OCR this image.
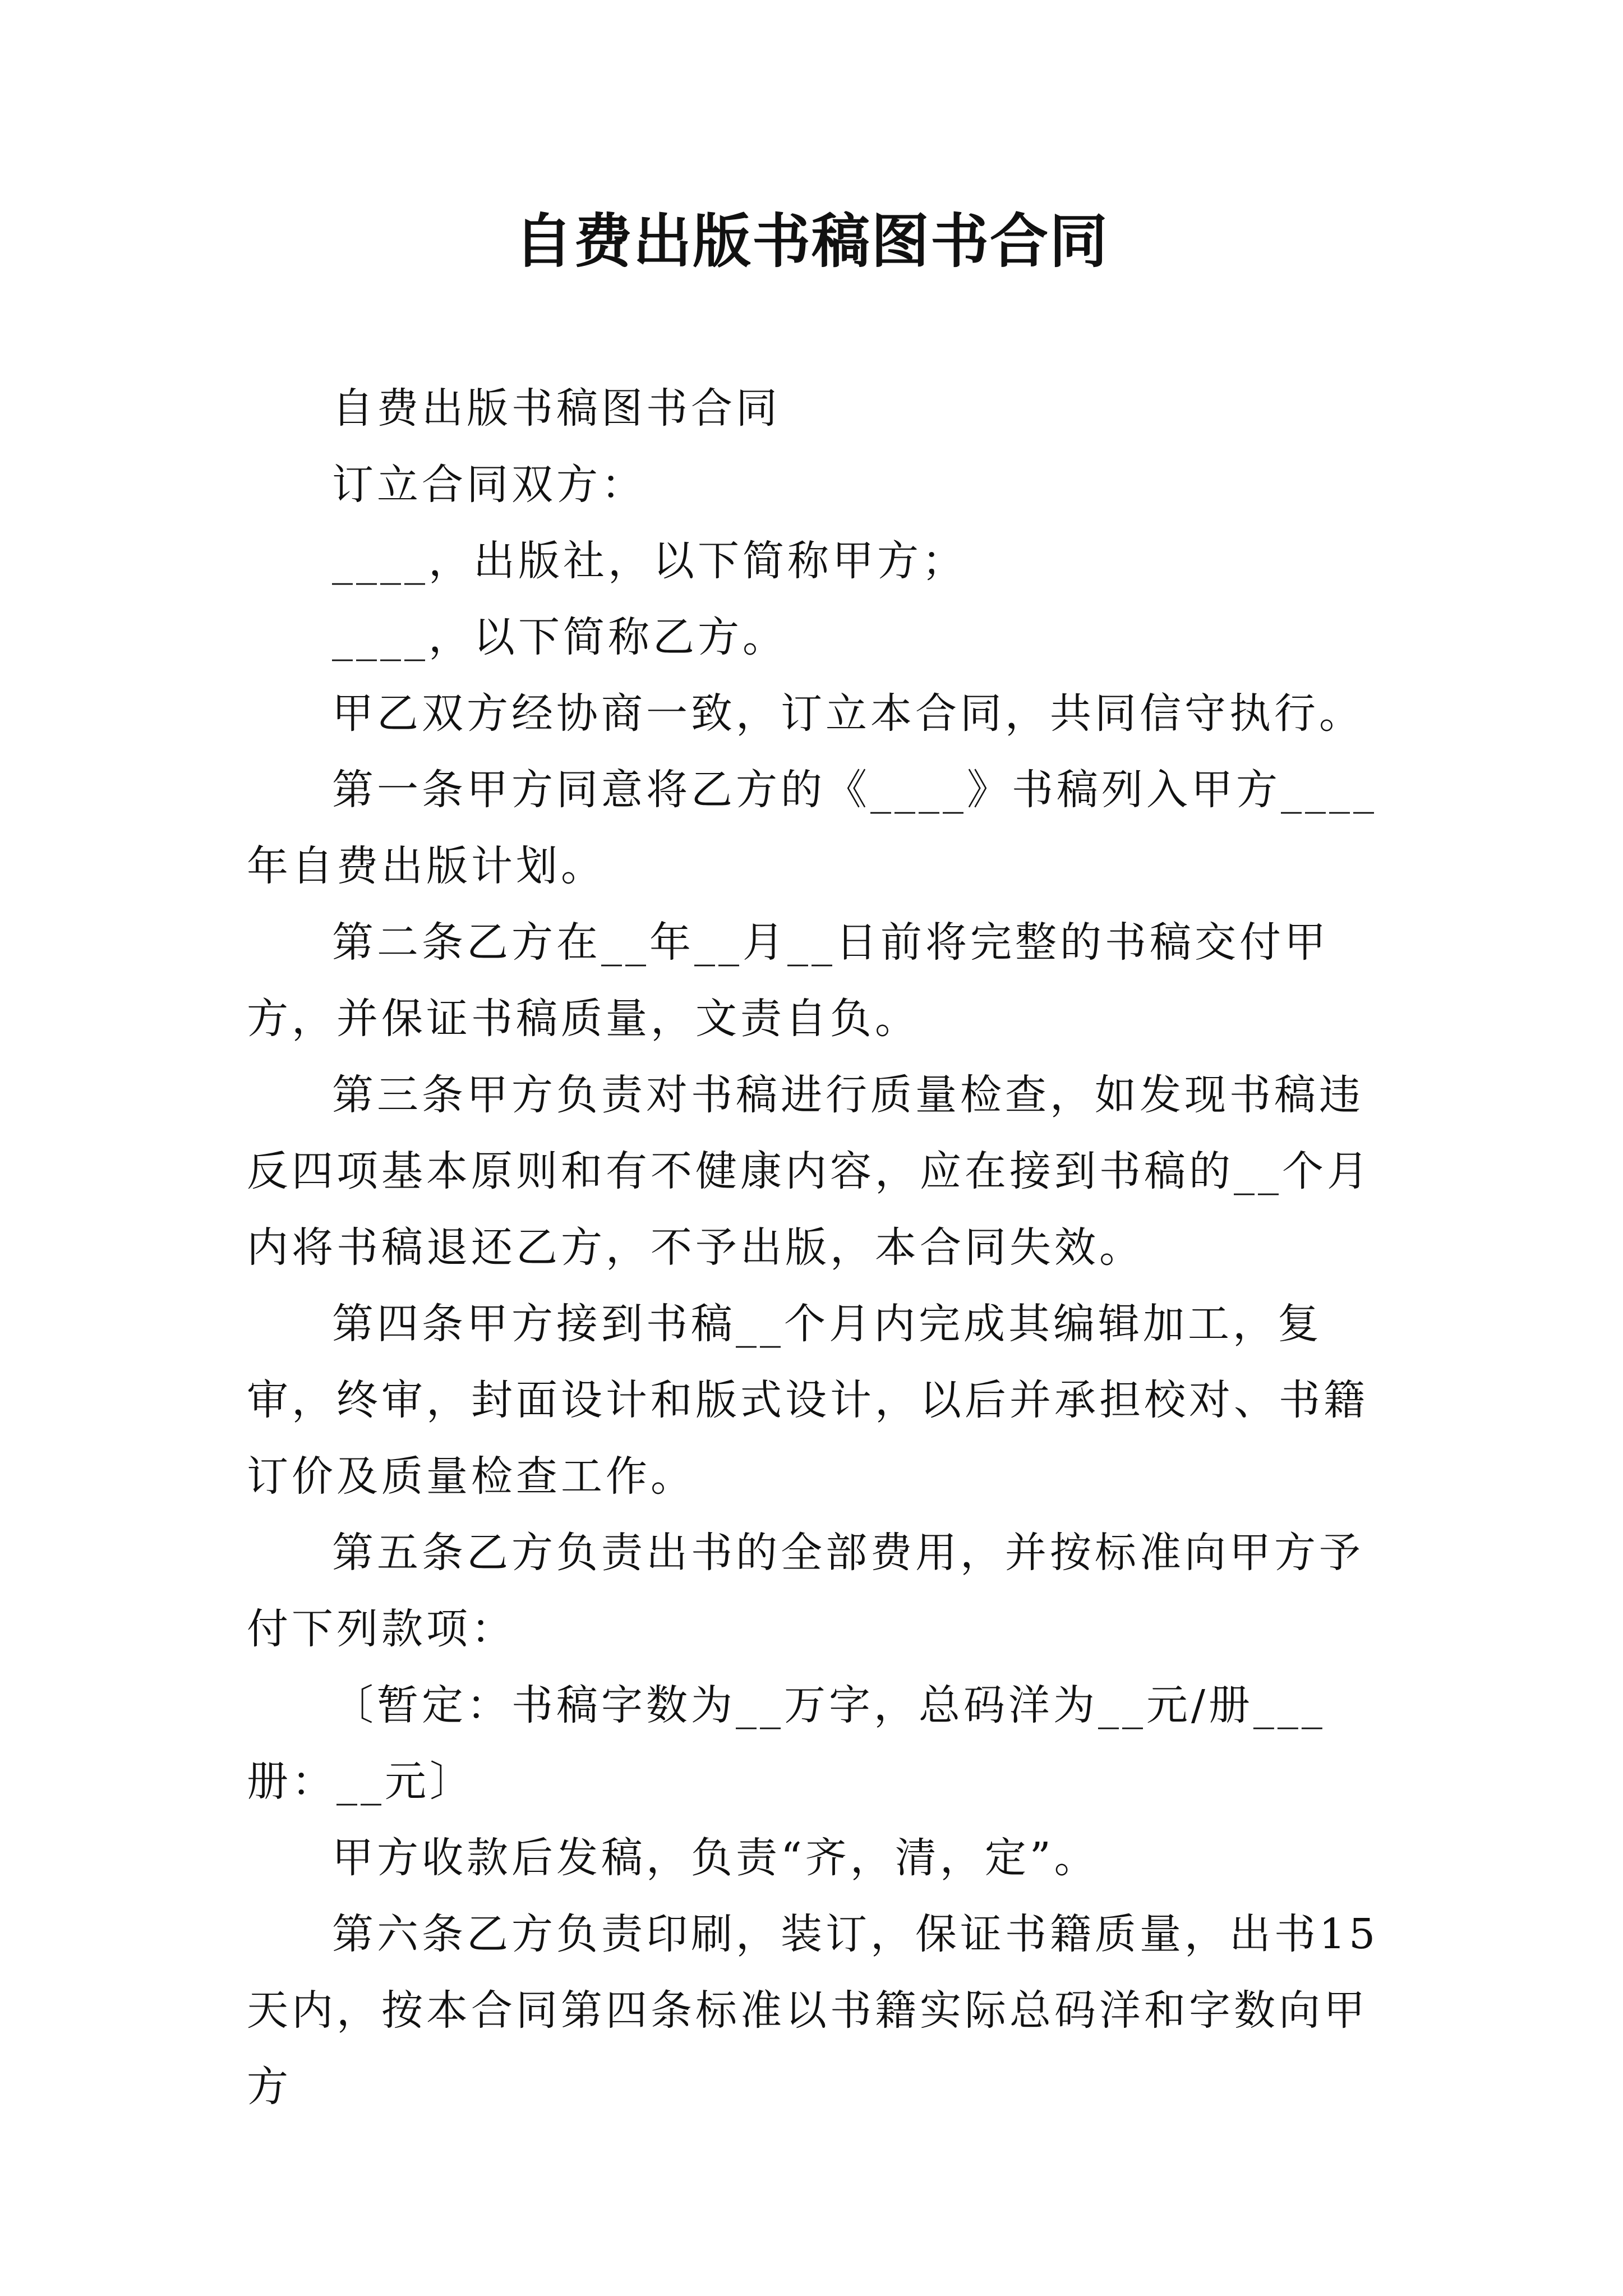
自费出版书稿图书合同

自费出版书稿图书合同

订立合同双方：

____，出版社，以下简称甲方；

____，以下简称乙方。

甲乙双方经协商一致，订立本合同，共同信守执行。

第一条甲方同意将乙方的《____》书稿列入甲方____年自费出版计划。

第二条乙方在__年__月__日前将完整的书稿交付甲方，并保证书稿质量，文责自负。

第三条甲方负责对书稿进行质量检查，如发现书稿违反四项基本原则和有不健康内容，应在接到书稿的__个月内将书稿退还乙方，不予出版，本合同失效。

第四条甲方接到书稿__个月内完成其编辑加工，复审，终审，封面设计和版式设计，以后并承担校对、书籍订价及质量检查工作。

第五条乙方负责出书的全部费用，并按标准向甲方予付下列款项：

〔暂定：书稿字数为__万字，总码洋为__元/册___册：__元〕

甲方收款后发稿，负责“齐，清，定”。

第六条乙方负责印刷，装订，保证书籍质量，出书15天内，按本合同第四条标准以书籍实际总码洋和字数向甲方
